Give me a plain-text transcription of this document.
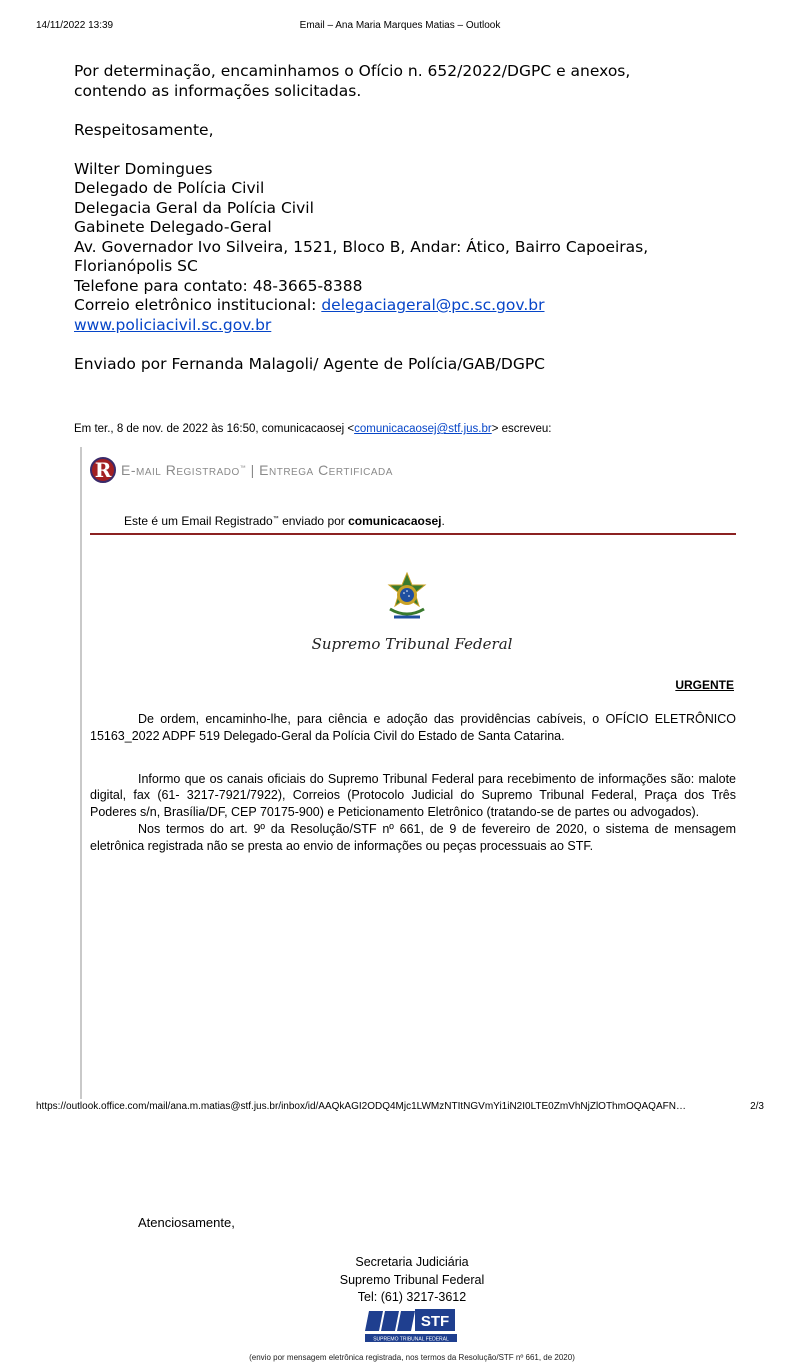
14/11/2022 13:39	Email – Ana Maria Marques Matias – Outlook

Por determinação, encaminhamos o Ofício n. 652/2022/DGPC e anexos,

contendo as informações solicitadas.

Respeitosamente,

Wilter Domingues

Delegado de Polícia Civil

Delegacia Geral da Polícia Civil

Gabinete Delegado-Geral

Av. Governador Ivo Silveira, 1521, Bloco B, Andar: Ático, Bairro Capoeiras,

Florianópolis SC

Telefone para contato: 48-3665-8388

Correio eletrônico institucional: delegaciageral@pc.sc.gov.br

www.policiacivil.sc.gov.br

Enviado por Fernanda Malagoli/ Agente de Polícia/GAB/DGPC

Em ter., 8 de nov. de 2022 às 16:50, comunicacaosej <comunicacaosej@stf.jus.br> escreveu:
R E-mail Registrado™ | Entrega Certificada
Este é um Email Registrado™ enviado por comunicacaosej.
Supremo Tribunal Federal
URGENTE

De ordem, encaminho-lhe, para ciência e adoção das providências cabíveis, o OFÍCIO ELETRÔNICO 15163_2022 ADPF 519 Delegado-Geral da Polícia Civil do Estado de Santa Catarina.

Informo que os canais oficiais do Supremo Tribunal Federal para recebimento de informações são: malote digital, fax (61- 3217-7921/7922), Correios (Protocolo Judicial do Supremo Tribunal Federal, Praça dos Três Poderes s/n, Brasília/DF, CEP 70175-900) e Peticionamento Eletrônico (tratando-se de partes ou advogados).

Nos termos do art. 9º da Resolução/STF nº 661, de 9 de fevereiro de 2020, o sistema de mensagem eletrônica registrada não se presta ao envio de informações ou peças processuais ao STF.

Atenciosamente,
Secretaria Judiciária
Supremo Tribunal Federal
Tel: (61) 3217-3612
STF
SUPREMO TRIBUNAL FEDERAL
(envio por mensagem eletrônica registrada, nos termos da Resolução/STF nº 661, de 2020)
https://outlook.office.com/mail/ana.m.matias@stf.jus.br/inbox/id/AAQkAGI2ODQ4Mjc1LWMzNTItNGVmYi1iN2I0LTE0ZmVhNjZlOThmOQAQAFN…	2/3
